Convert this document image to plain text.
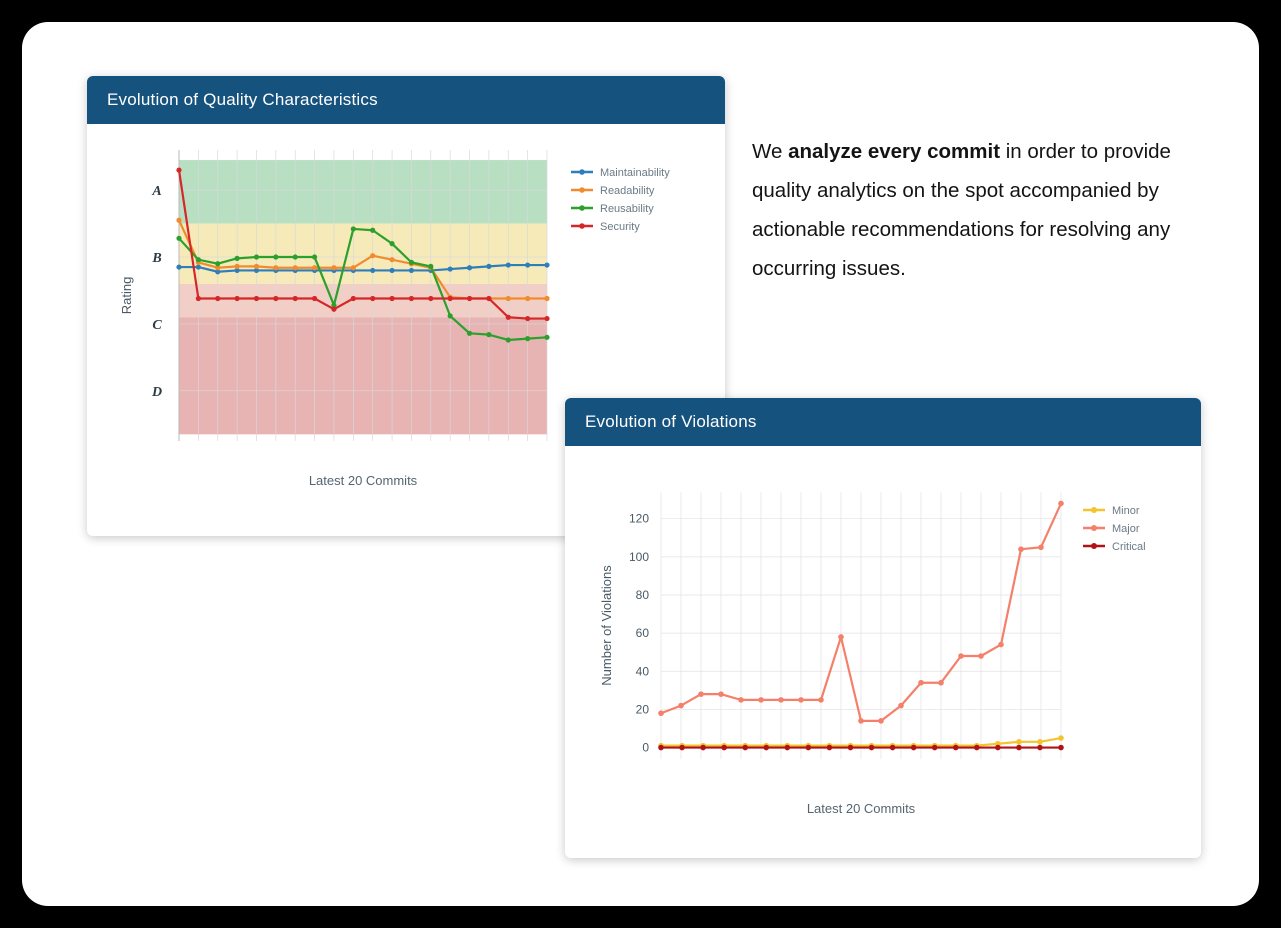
Evolution of Quality Characteristics
A
B
C
D
Rating
Maintainability
Readability
Reusability
Security
Latest 20 Commits
We analyze every commit in order to provide quality analytics on the spot accompanied by actionable recommendations for resolving any occurring issues.
Evolution of Violations
0
20
40
60
80
100
120
Number of Violations
Minor
Major
Critical
Latest 20 Commits
